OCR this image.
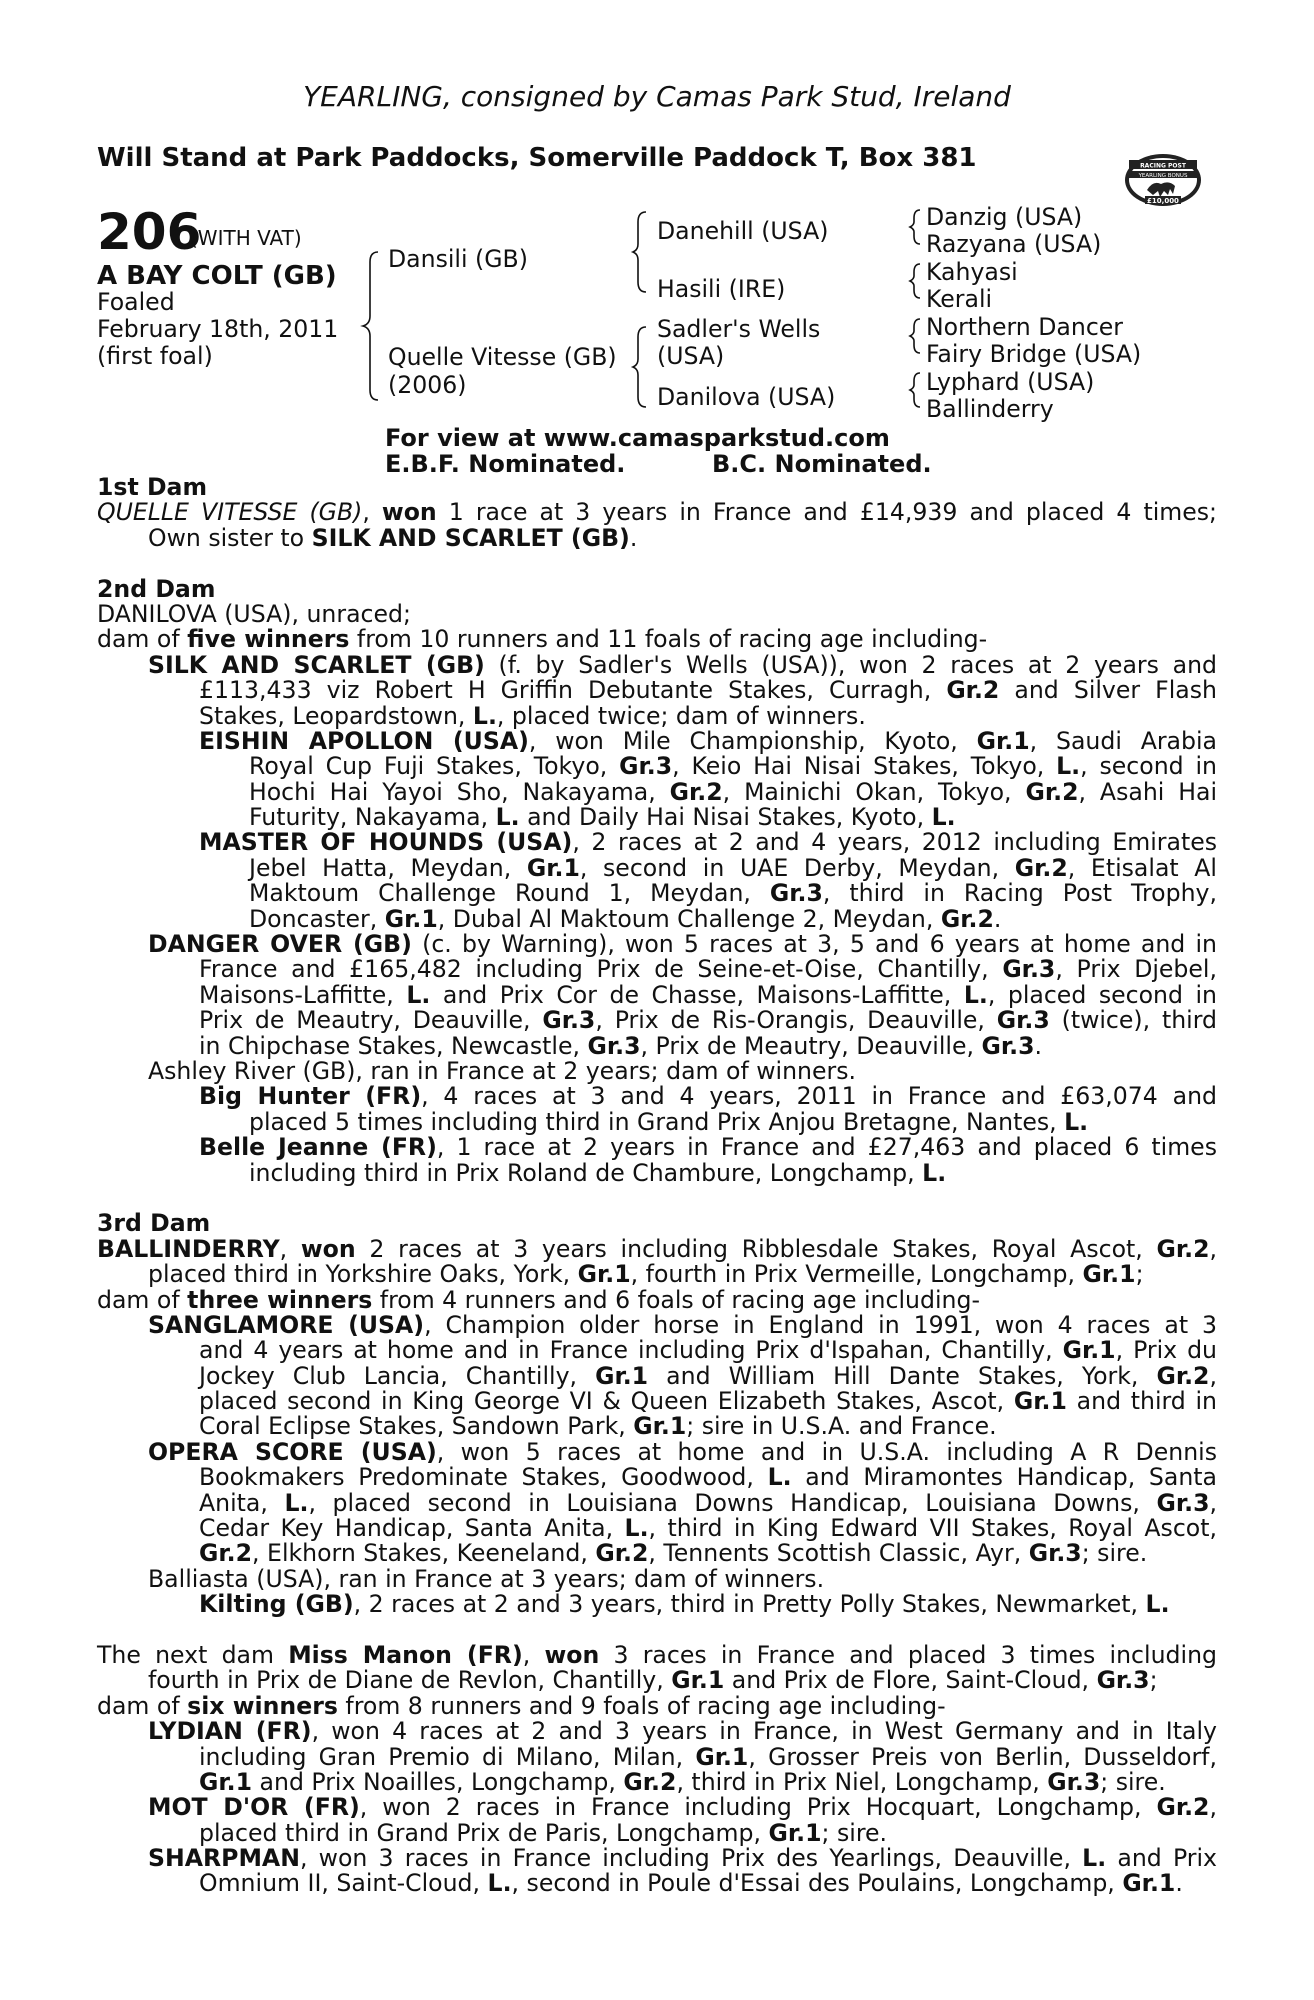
YEARLING, consigned by Camas Park Stud, Ireland
Will Stand at Park Paddocks, Somerville Paddock T, Box 381	RACING POST
YEARLING BONUS
£10,000
206
(WITH VAT)
A BAY COLT (GB)
Foaled
February 18th, 2011
(first foal)
Dansili (GB)
Quelle Vitesse (GB)
(2006)
Danehill (USA)
Hasili (IRE)
Sadler's Wells
(USA)
Danilova (USA)
Danzig (USA)
Razyana (USA)
Kahyasi
Kerali
Northern Dancer
Fairy Bridge (USA)
Lyphard (USA)
Ballinderry
For view at www.camasparkstud.com
E.B.F. Nominated.	B.C. Nominated.
1st Dam
QUELLE VITESSE (GB), won 1 race at 3 years in France and £14,939 and placed 4 times;
Own sister to SILK AND SCARLET (GB).
2nd Dam
DANILOVA (USA), unraced;
dam of five winners from 10 runners and 11 foals of racing age including-
SILK AND SCARLET (GB) (f. by Sadler's Wells (USA)), won 2 races at 2 years and
£113,433 viz Robert H Griffin Debutante Stakes, Curragh, Gr.2 and Silver Flash
Stakes, Leopardstown, L., placed twice; dam of winners.
EISHIN APOLLON (USA), won Mile Championship, Kyoto, Gr.1, Saudi Arabia
Royal Cup Fuji Stakes, Tokyo, Gr.3, Keio Hai Nisai Stakes, Tokyo, L., second in
Hochi Hai Yayoi Sho, Nakayama, Gr.2, Mainichi Okan, Tokyo, Gr.2, Asahi Hai
Futurity, Nakayama, L. and Daily Hai Nisai Stakes, Kyoto, L.
MASTER OF HOUNDS (USA), 2 races at 2 and 4 years, 2012 including Emirates
Jebel Hatta, Meydan, Gr.1, second in UAE Derby, Meydan, Gr.2, Etisalat Al
Maktoum Challenge Round 1, Meydan, Gr.3, third in Racing Post Trophy,
Doncaster, Gr.1, Dubal Al Maktoum Challenge 2, Meydan, Gr.2.
DANGER OVER (GB) (c. by Warning), won 5 races at 3, 5 and 6 years at home and in
France and £165,482 including Prix de Seine-et-Oise, Chantilly, Gr.3, Prix Djebel,
Maisons-Laffitte, L. and Prix Cor de Chasse, Maisons-Laffitte, L., placed second in
Prix de Meautry, Deauville, Gr.3, Prix de Ris-Orangis, Deauville, Gr.3 (twice), third
in Chipchase Stakes, Newcastle, Gr.3, Prix de Meautry, Deauville, Gr.3.
Ashley River (GB), ran in France at 2 years; dam of winners.
Big Hunter (FR), 4 races at 3 and 4 years, 2011 in France and £63,074 and
placed 5 times including third in Grand Prix Anjou Bretagne, Nantes, L.
Belle Jeanne (FR), 1 race at 2 years in France and £27,463 and placed 6 times
including third in Prix Roland de Chambure, Longchamp, L.
3rd Dam
BALLINDERRY, won 2 races at 3 years including Ribblesdale Stakes, Royal Ascot, Gr.2,
placed third in Yorkshire Oaks, York, Gr.1, fourth in Prix Vermeille, Longchamp, Gr.1;
dam of three winners from 4 runners and 6 foals of racing age including-
SANGLAMORE (USA), Champion older horse in England in 1991, won 4 races at 3
and 4 years at home and in France including Prix d'Ispahan, Chantilly, Gr.1, Prix du
Jockey Club Lancia, Chantilly, Gr.1 and William Hill Dante Stakes, York, Gr.2,
placed second in King George VI & Queen Elizabeth Stakes, Ascot, Gr.1 and third in
Coral Eclipse Stakes, Sandown Park, Gr.1; sire in U.S.A. and France.
OPERA SCORE (USA), won 5 races at home and in U.S.A. including A R Dennis
Bookmakers Predominate Stakes, Goodwood, L. and Miramontes Handicap, Santa
Anita, L., placed second in Louisiana Downs Handicap, Louisiana Downs, Gr.3,
Cedar Key Handicap, Santa Anita, L., third in King Edward VII Stakes, Royal Ascot,
Gr.2, Elkhorn Stakes, Keeneland, Gr.2, Tennents Scottish Classic, Ayr, Gr.3; sire.
Balliasta (USA), ran in France at 3 years; dam of winners.
Kilting (GB), 2 races at 2 and 3 years, third in Pretty Polly Stakes, Newmarket, L.
The next dam Miss Manon (FR), won 3 races in France and placed 3 times including
fourth in Prix de Diane de Revlon, Chantilly, Gr.1 and Prix de Flore, Saint-Cloud, Gr.3;
dam of six winners from 8 runners and 9 foals of racing age including-
LYDIAN (FR), won 4 races at 2 and 3 years in France, in West Germany and in Italy
including Gran Premio di Milano, Milan, Gr.1, Grosser Preis von Berlin, Dusseldorf,
Gr.1 and Prix Noailles, Longchamp, Gr.2, third in Prix Niel, Longchamp, Gr.3; sire.
MOT D'OR (FR), won 2 races in France including Prix Hocquart, Longchamp, Gr.2,
placed third in Grand Prix de Paris, Longchamp, Gr.1; sire.
SHARPMAN, won 3 races in France including Prix des Yearlings, Deauville, L. and Prix
Omnium II, Saint-Cloud, L., second in Poule d'Essai des Poulains, Longchamp, Gr.1.
